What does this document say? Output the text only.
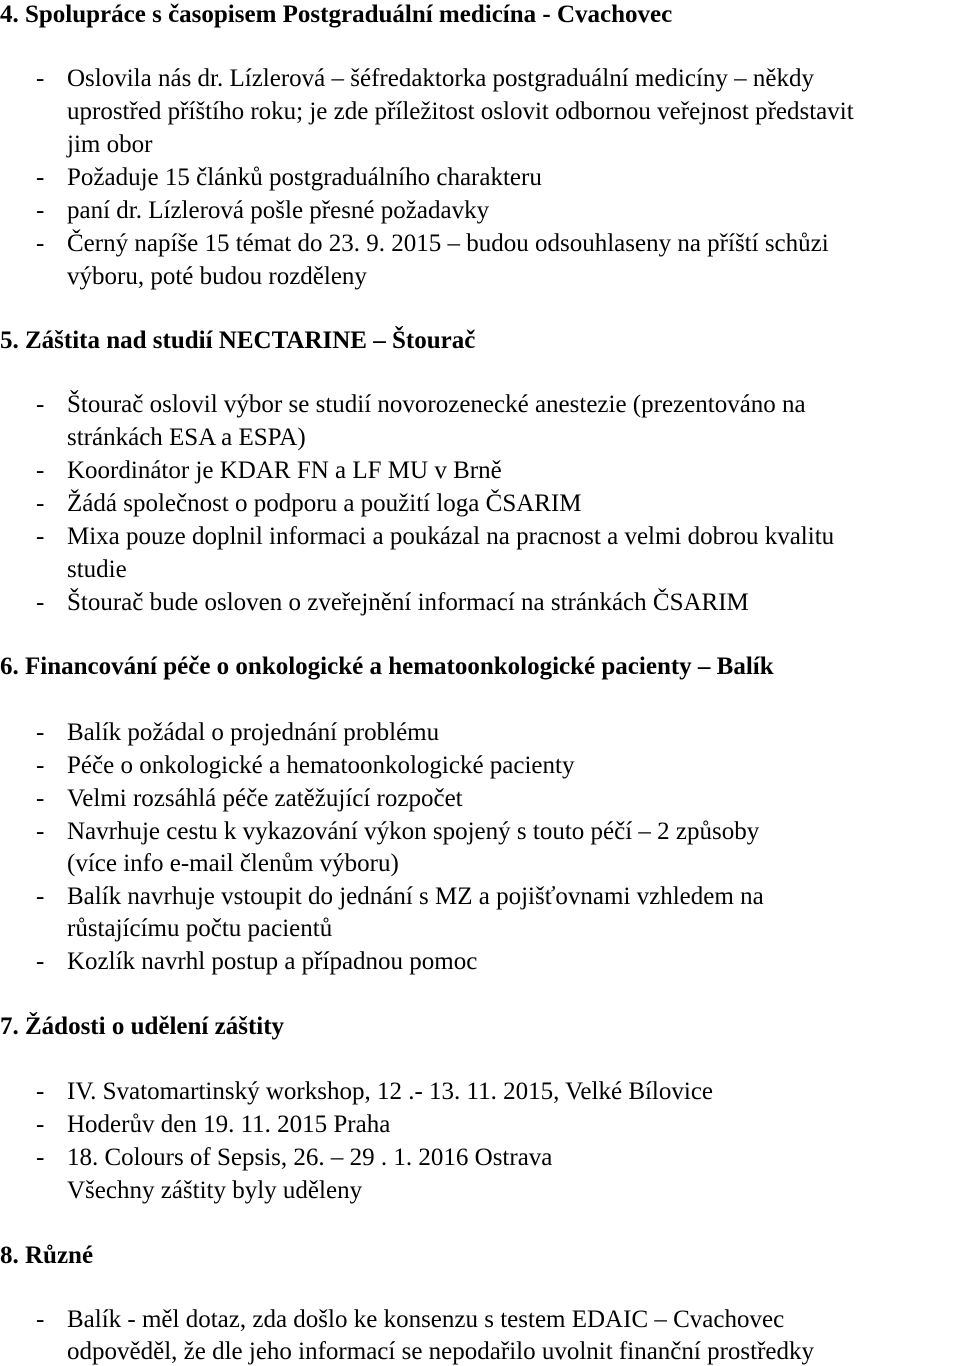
4. Spolupráce s časopisem Postgraduální medicína - Cvachovec
- Oslovila nás dr. Lízlerová – šéfredaktorka postgraduální medicíny – někdy
uprostřed příštího roku; je zde příležitost oslovit odbornou veřejnost představit
jim obor
- Požaduje 15 článků postgraduálního charakteru
- paní dr. Lízlerová pošle přesné požadavky
- Černý napíše 15 témat do 23. 9. 2015 – budou odsouhlaseny na příští schůzi
výboru, poté budou rozděleny
5. Záštita nad studií NECTARINE – Štourač
- Štourač oslovil výbor se studií novorozenecké anestezie (prezentováno na
stránkách ESA a ESPA)
- Koordinátor je KDAR FN a LF MU v Brně
- Žádá společnost o podporu a použití loga ČSARIM
- Mixa pouze doplnil informaci a poukázal na pracnost a velmi dobrou kvalitu
studie
- Štourač bude osloven o zveřejnění informací na stránkách ČSARIM
6. Financování péče o onkologické a hematoonkologické pacienty – Balík
- Balík požádal o projednání problému
- Péče o onkologické a hematoonkologické pacienty
- Velmi rozsáhlá péče zatěžující rozpočet
- Navrhuje cestu k vykazování výkon spojený s touto péčí – 2 způsoby
(více info e-mail členům výboru)
- Balík navrhuje vstoupit do jednání s MZ a pojišťovnami vzhledem na
růstajícímu počtu pacientů
- Kozlík navrhl postup a případnou pomoc
7. Žádosti o udělení záštity
- IV. Svatomartinský workshop, 12 .- 13. 11. 2015, Velké Bílovice
- Hoderův den 19. 11. 2015 Praha
- 18. Colours of Sepsis, 26. – 29 . 1. 2016 Ostrava
Všechny záštity byly uděleny
8. Různé
- Balík - měl dotaz, zda došlo ke konsenzu s testem EDAIC – Cvachovec
odpověděl, že dle jeho informací se nepodařilo uvolnit finanční prostředky
